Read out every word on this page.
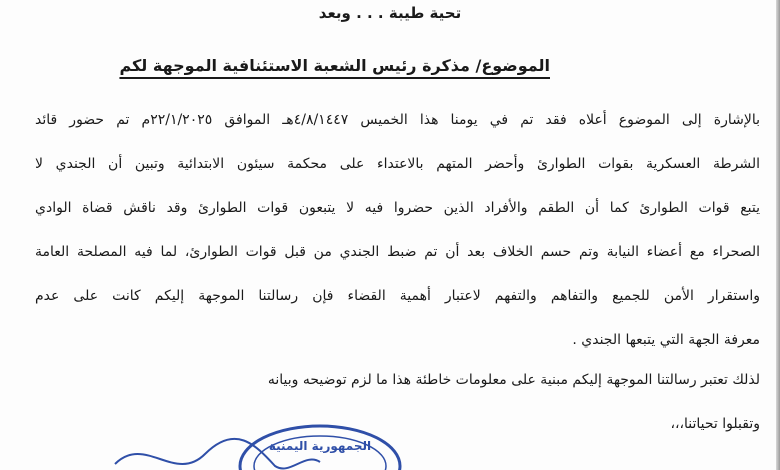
تحية طيبة . . . وبعد
الموضوع/ مذكرة رئيس الشعبة الاستئنافية الموجهة لكم
بالإشارة إلى الموضوع أعلاه فقد تم في يومنا هذا الخميس ٤/٨/١٤٤٧هـ الموافق ٢٢/١/٢٠٢٥م تم حضور قائد
الشرطة العسكرية بقوات الطوارئ وأحضر المتهم بالاعتداء على محكمة سيئون الابتدائية وتبين أن الجندي لا
يتبع قوات الطوارئ كما أن الطقم والأفراد الذين حضروا فيه لا يتبعون قوات الطوارئ وقد ناقش قضاة الوادي
الصحراء مع أعضاء النيابة وتم حسم الخلاف بعد أن تم ضبط الجندي من قبل قوات الطوارئ، لما فيه المصلحة العامة
واستقرار الأمن للجميع والتفاهم والتفهم لاعتبار أهمية القضاء فإن رسالتنا الموجهة إليكم كانت على عدم
معرفة الجهة التي يتبعها الجندي .
لذلك تعتبر رسالتنا الموجهة إليكم مبنية على معلومات خاطئة هذا ما لزم توضيحه وبيانه
وتقبلوا تحياتنا،،،
الجمهورية اليمنية
